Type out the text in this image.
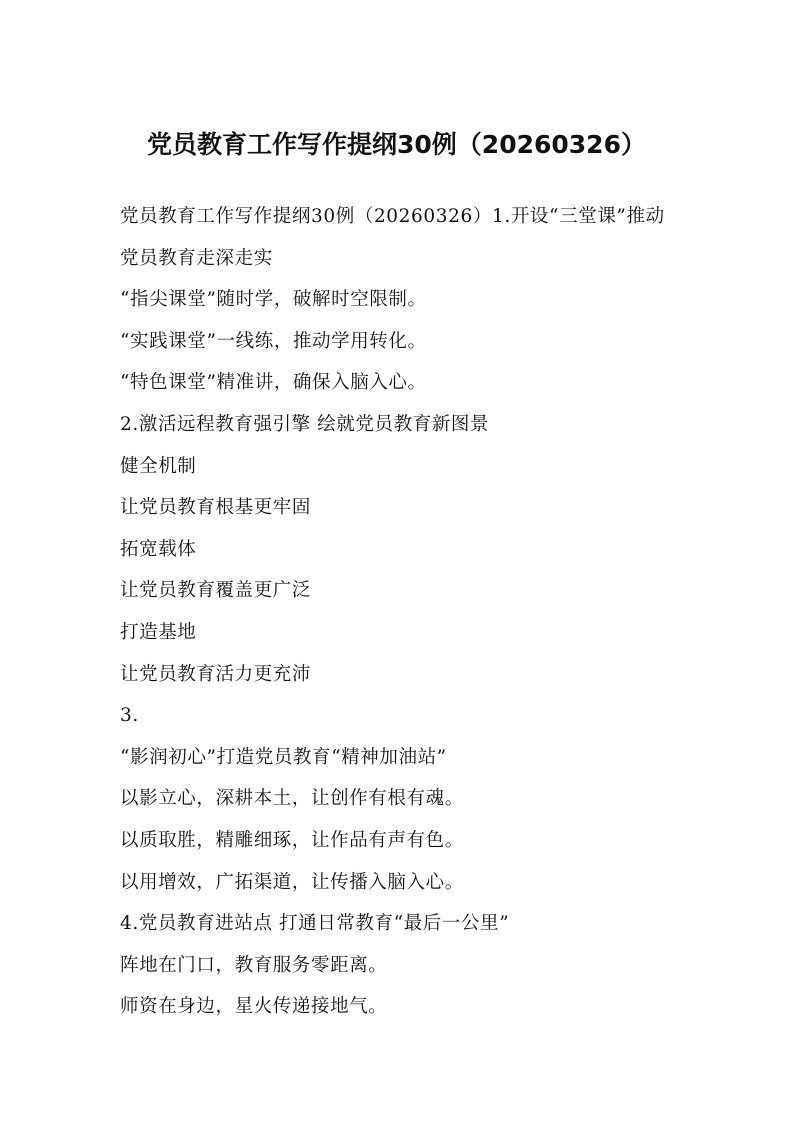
党员教育工作写作提纲30例（20260326）

党员教育工作写作提纲30例（20260326）1.开设“三堂课”推动党员教育走深走实

“指尖课堂”随时学，破解时空限制。

“实践课堂”一线练，推动学用转化。

“特色课堂”精准讲，确保入脑入心。

2.激活远程教育强引擎 绘就党员教育新图景

健全机制

让党员教育根基更牢固

拓宽载体

让党员教育覆盖更广泛

打造基地

让党员教育活力更充沛

3.

“影润初心”打造党员教育“精神加油站”

以影立心，深耕本土，让创作有根有魂。

以质取胜，精雕细琢，让作品有声有色。

以用增效，广拓渠道，让传播入脑入心。

4.党员教育进站点 打通日常教育“最后一公里”

阵地在门口，教育服务零距离。

师资在身边，星火传递接地气。
